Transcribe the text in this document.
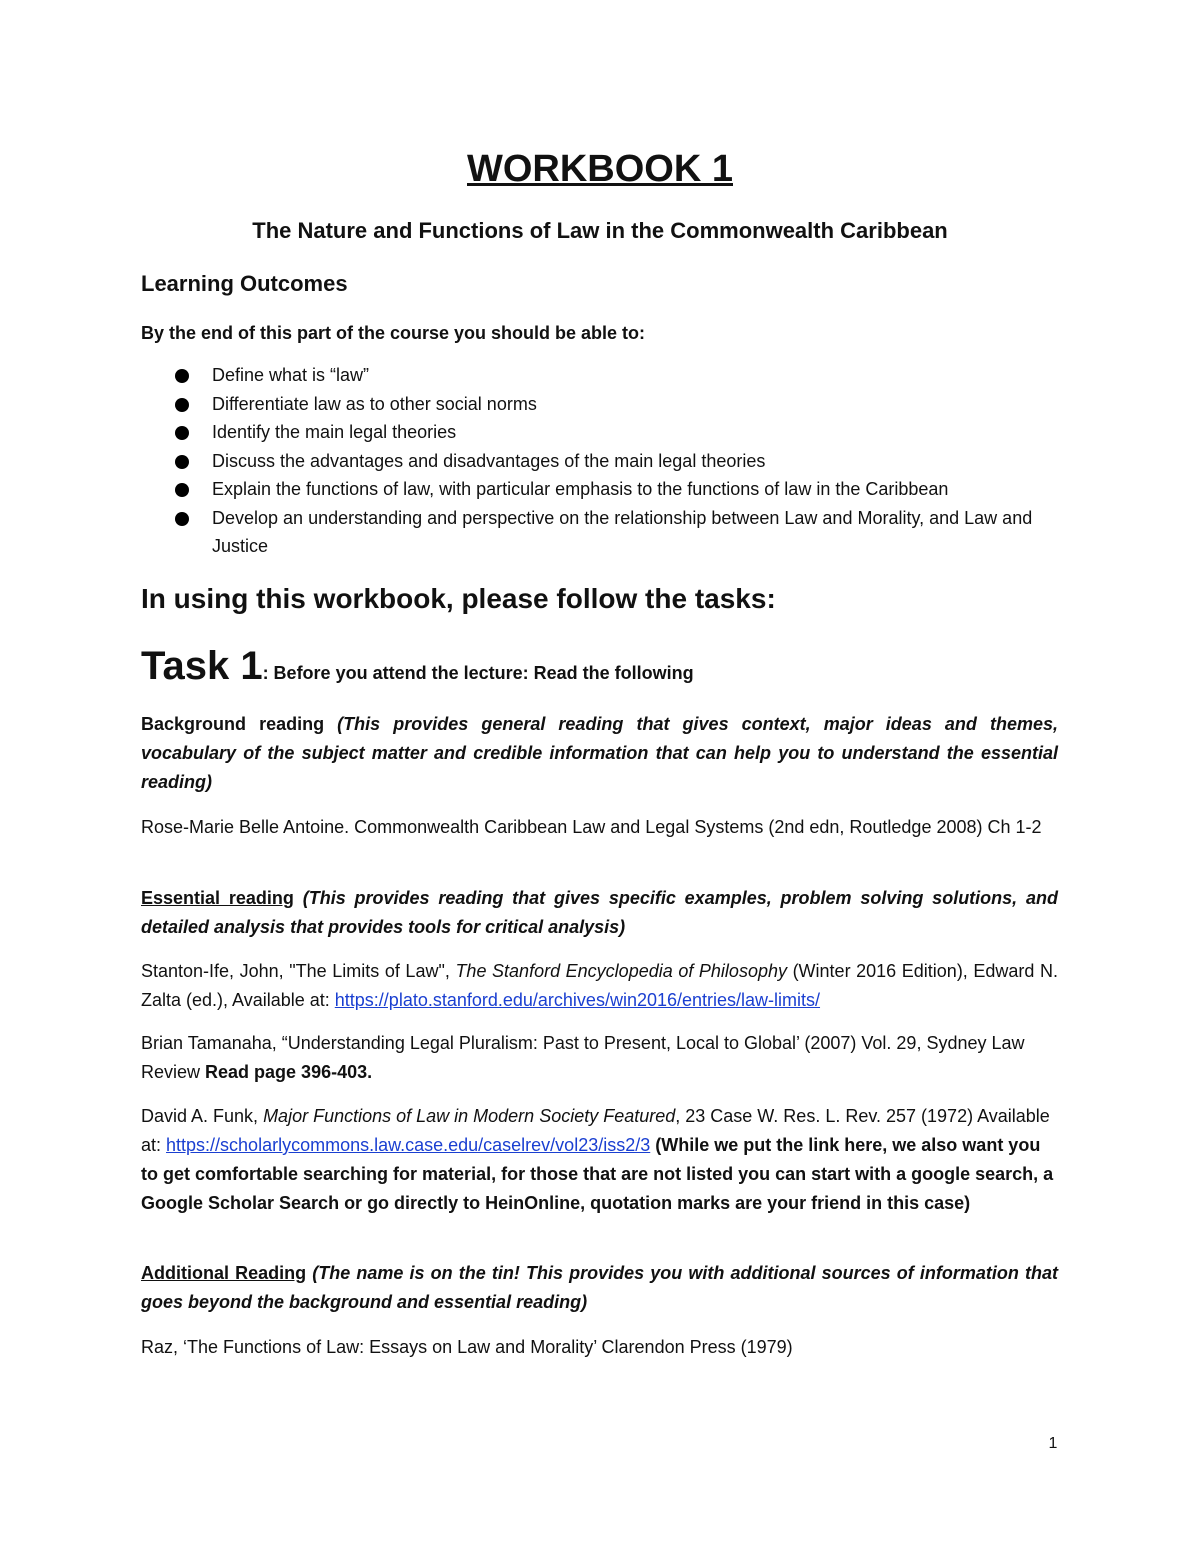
WORKBOOK 1
The Nature and Functions of Law in the Commonwealth Caribbean
Learning Outcomes
By the end of this part of the course you should be able to:
Define what is “law”
Differentiate law as to other social norms
Identify the main legal theories
Discuss the advantages and disadvantages of the main legal theories
Explain the functions of law, with particular emphasis to the functions of law in the Caribbean
Develop an understanding and perspective on the relationship between Law and Morality, and Law and Justice
In using this workbook, please follow the tasks:
Task 1: Before you attend the lecture: Read the following
Background reading (This provides general reading that gives context, major ideas and themes, vocabulary of the subject matter and credible information that can help you to understand the essential reading)
Rose-Marie Belle Antoine. Commonwealth Caribbean Law and Legal Systems (2nd edn, Routledge 2008) Ch 1-2
Essential reading (This provides reading that gives specific examples, problem solving solutions, and detailed analysis that provides tools for critical analysis)
Stanton-Ife, John, "The Limits of Law", The Stanford Encyclopedia of Philosophy (Winter 2016 Edition), Edward N. Zalta (ed.), Available at: https://plato.stanford.edu/archives/win2016/entries/law-limits/
Brian Tamanaha, “Understanding Legal Pluralism: Past to Present, Local to Global’ (2007) Vol. 29, Sydney Law Review Read page 396-403.
David A. Funk, Major Functions of Law in Modern Society Featured, 23 Case W. Res. L. Rev. 257 (1972) Available at: https://scholarlycommons.law.case.edu/caselrev/vol23/iss2/3 (While we put the link here, we also want you to get comfortable searching for material, for those that are not listed you can start with a google search, a Google Scholar Search or go directly to HeinOnline, quotation marks are your friend in this case)
Additional Reading (The name is on the tin! This provides you with additional sources of information that goes beyond the background and essential reading)
Raz, ‘The Functions of Law: Essays on Law and Morality’ Clarendon Press (1979)
1
